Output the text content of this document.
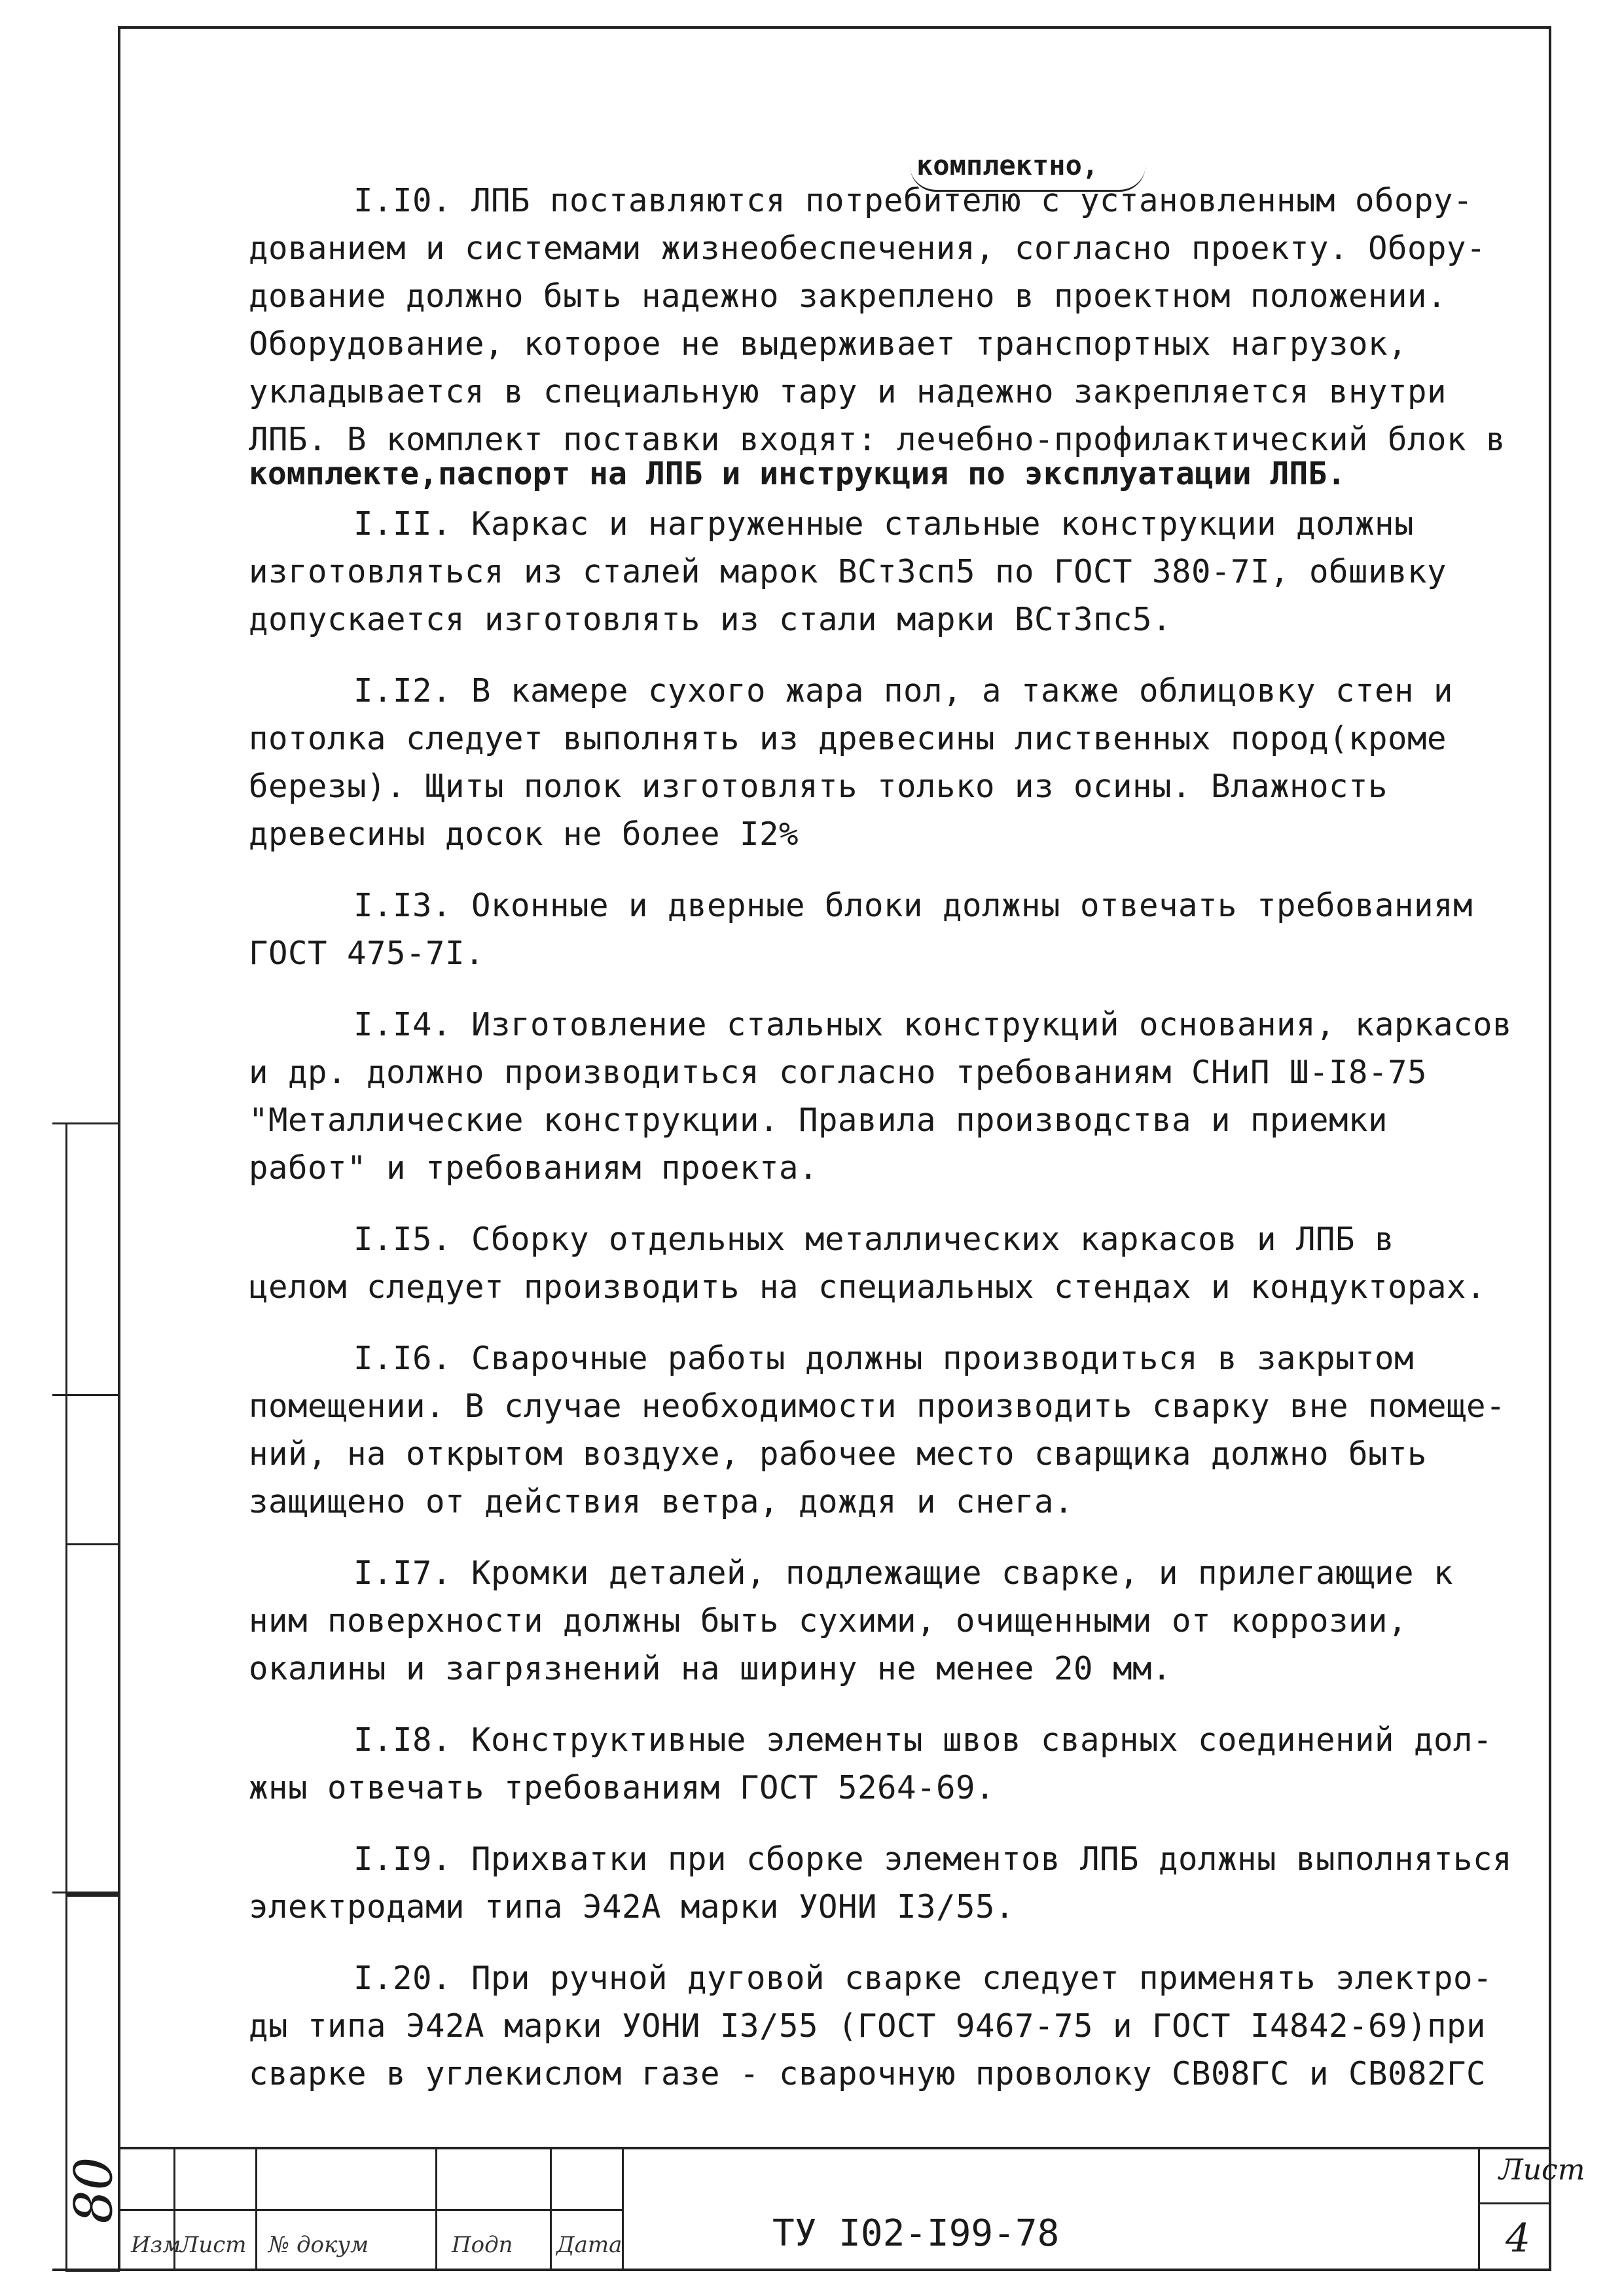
комплектно,

I.I0. ЛПБ поставляются потребителю с установленным обору-
дованием и системами жизнеобеспечения, согласно проекту. Обору-
дование должно быть надежно закреплено в проектном положении.
Оборудование, которое не выдерживает транспортных нагрузок,
укладывается в специальную тару и надежно закрепляется внутри
ЛПБ. В комплект поставки входят: лечебно-профилактический блок в

комплекте,паспорт на ЛПБ и инструкция по эксплуатации ЛПБ.

I.II. Каркас и нагруженные стальные конструкции должны
изготовляться из сталей марок ВСт3сп5 по ГОСТ 380-7I, обшивку
допускается изготовлять из стали марки ВСт3пс5.

I.I2. В камере сухого жара пол, а также облицовку стен и
потолка следует выполнять из древесины лиственных пород(кроме
березы). Щиты полок изготовлять только из осины. Влажность
древесины досок не более I2%

I.I3. Оконные и дверные блоки должны отвечать требованиям
ГОСТ 475-7I.

I.I4. Изготовление стальных конструкций основания, каркасов
и др. должно производиться согласно требованиям СНиП Ш-I8-75
"Металлические конструкции. Правила производства и приемки
работ" и требованиям проекта.

I.I5. Сборку отдельных металлических каркасов и ЛПБ в
целом следует производить на специальных стендах и кондукторах.

I.I6. Сварочные работы должны производиться в закрытом
помещении. В случае необходимости производить сварку вне помеще-
ний, на открытом воздухе, рабочее место сварщика должно быть
защищено от действия ветра, дождя и снега.

I.I7. Кромки деталей, подлежащие сварке, и прилегающие к
ним поверхности должны быть сухими, очищенными от коррозии,
окалины и загрязнений на ширину не менее 20 мм.

I.I8. Конструктивные элементы швов сварных соединений дол-
жны отвечать требованиям ГОСТ 5264-69.

I.I9. Прихватки при сборке элементов ЛПБ должны выполняться
электродами типа Э42А марки УОНИ I3/55.

I.20. При ручной дуговой сварке следует применять электро-
ды типа Э42А марки УОНИ I3/55 (ГОСТ 9467-75 и ГОСТ I4842-69)при
сварке в углекислом газе - сварочную проволоку СВ08ГС и СВ082ГС

Изм
Лист № докум	Подп Дата	ТУ I02-I99-78
Лист
4
80
